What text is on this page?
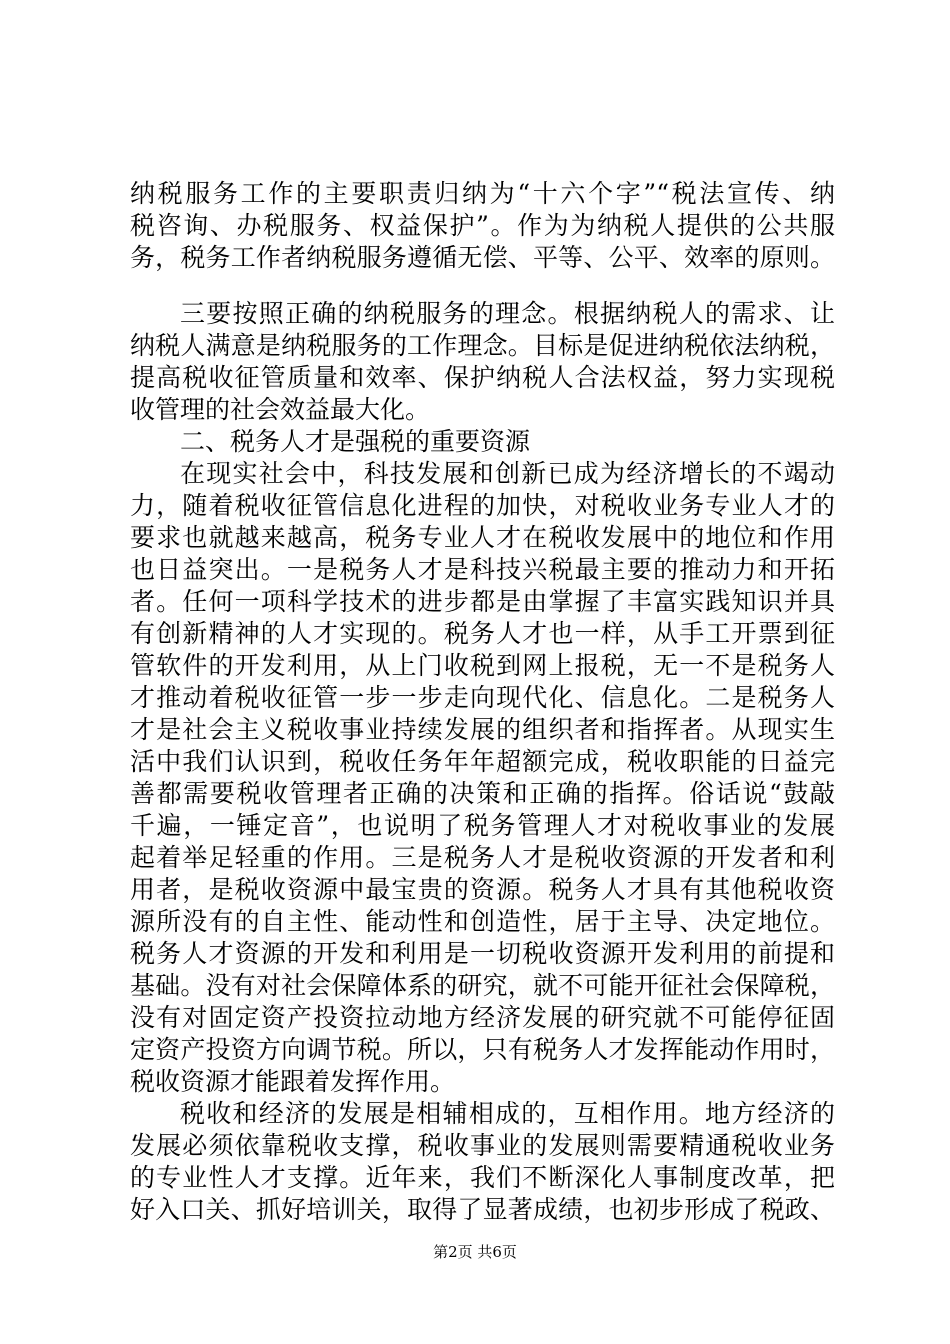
纳税服务工作的主要职责归纳为“十六个字”“税法宣传、纳
税咨询、办税服务、权益保护”。作为为纳税人提供的公共服
务，税务工作者纳税服务遵循无偿、平等、公平、效率的原则。
三要按照正确的纳税服务的理念。根据纳税人的需求、让
纳税人满意是纳税服务的工作理念。目标是促进纳税依法纳税，
提高税收征管质量和效率、保护纳税人合法权益，努力实现税
收管理的社会效益最大化。
二、税务人才是强税的重要资源
在现实社会中，科技发展和创新已成为经济增长的不竭动
力，随着税收征管信息化进程的加快，对税收业务专业人才的
要求也就越来越高，税务专业人才在税收发展中的地位和作用
也日益突出。一是税务人才是科技兴税最主要的推动力和开拓
者。任何一项科学技术的进步都是由掌握了丰富实践知识并具
有创新精神的人才实现的。税务人才也一样，从手工开票到征
管软件的开发利用，从上门收税到网上报税，无一不是税务人
才推动着税收征管一步一步走向现代化、信息化。二是税务人
才是社会主义税收事业持续发展的组织者和指挥者。从现实生
活中我们认识到，税收任务年年超额完成，税收职能的日益完
善都需要税收管理者正确的决策和正确的指挥。俗话说“鼓敲
千遍，一锤定音”，也说明了税务管理人才对税收事业的发展
起着举足轻重的作用。三是税务人才是税收资源的开发者和利
用者，是税收资源中最宝贵的资源。税务人才具有其他税收资
源所没有的自主性、能动性和创造性，居于主导、决定地位。
税务人才资源的开发和利用是一切税收资源开发利用的前提和
基础。没有对社会保障体系的研究，就不可能开征社会保障税，
没有对固定资产投资拉动地方经济发展的研究就不可能停征固
定资产投资方向调节税。所以，只有税务人才发挥能动作用时，
税收资源才能跟着发挥作用。
税收和经济的发展是相辅相成的，互相作用。地方经济的
发展必须依靠税收支撑，税收事业的发展则需要精通税收业务
的专业性人才支撑。近年来，我们不断深化人事制度改革，把
好入口关、抓好培训关，取得了显著成绩，也初步形成了税政、
第2页 共6页
